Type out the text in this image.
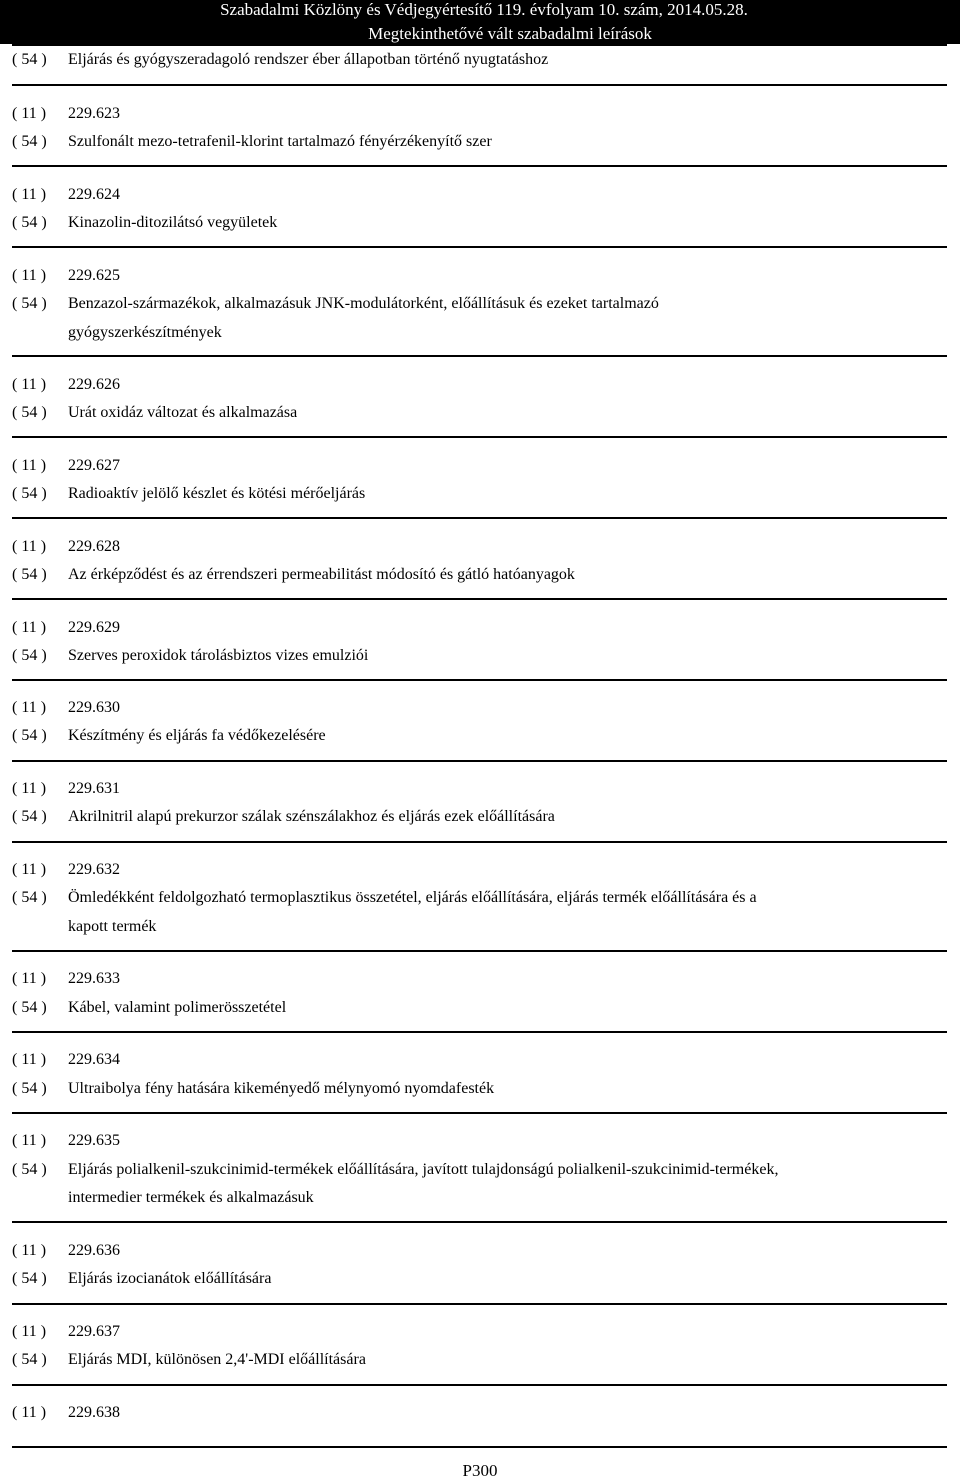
Szabadalmi Közlöny és Védjegyértesítő 119. évfolyam 10. szám, 2014.05.28.
Megtekinthetővé vált szabadalmi leírások
( 54 ) Eljárás és gyógyszeradagoló rendszer éber állapotban történő nyugtatáshoz
( 11 ) 229.623
( 54 ) Szulfonált mezo-tetrafenil-klorint tartalmazó fényérzékenyítő szer
( 11 ) 229.624
( 54 ) Kinazolin-ditozilátsó vegyületek
( 11 ) 229.625
( 54 ) Benzazol-származékok, alkalmazásuk JNK-modulátorként, előállításuk és ezeket tartalmazó
gyógyszerkészítmények
( 11 ) 229.626
( 54 ) Urát oxidáz változat és alkalmazása
( 11 ) 229.627
( 54 ) Radioaktív jelölő készlet és kötési mérőeljárás
( 11 ) 229.628
( 54 ) Az érképződést és az érrendszeri permeabilitást módosító és gátló hatóanyagok
( 11 ) 229.629
( 54 ) Szerves peroxidok tárolásbiztos vizes emulziói
( 11 ) 229.630
( 54 ) Készítmény és eljárás fa védőkezelésére
( 11 ) 229.631
( 54 ) Akrilnitril alapú prekurzor szálak szénszálakhoz és eljárás ezek előállítására
( 11 ) 229.632
( 54 ) Ömledékként feldolgozható termoplasztikus összetétel, eljárás előállítására, eljárás termék előállítására és a
kapott termék
( 11 ) 229.633
( 54 ) Kábel, valamint polimerösszetétel
( 11 ) 229.634
( 54 ) Ultraibolya fény hatására kikeményedő mélynyomó nyomdafesték
( 11 ) 229.635
( 54 ) Eljárás polialkenil-szukcinimid-termékek előállítására, javított tulajdonságú polialkenil-szukcinimid-termékek,
intermedier termékek és alkalmazásuk
( 11 ) 229.636
( 54 ) Eljárás izocianátok előállítására
( 11 ) 229.637
( 54 ) Eljárás MDI, különösen 2,4'-MDI előállítására
( 11 ) 229.638
P300
